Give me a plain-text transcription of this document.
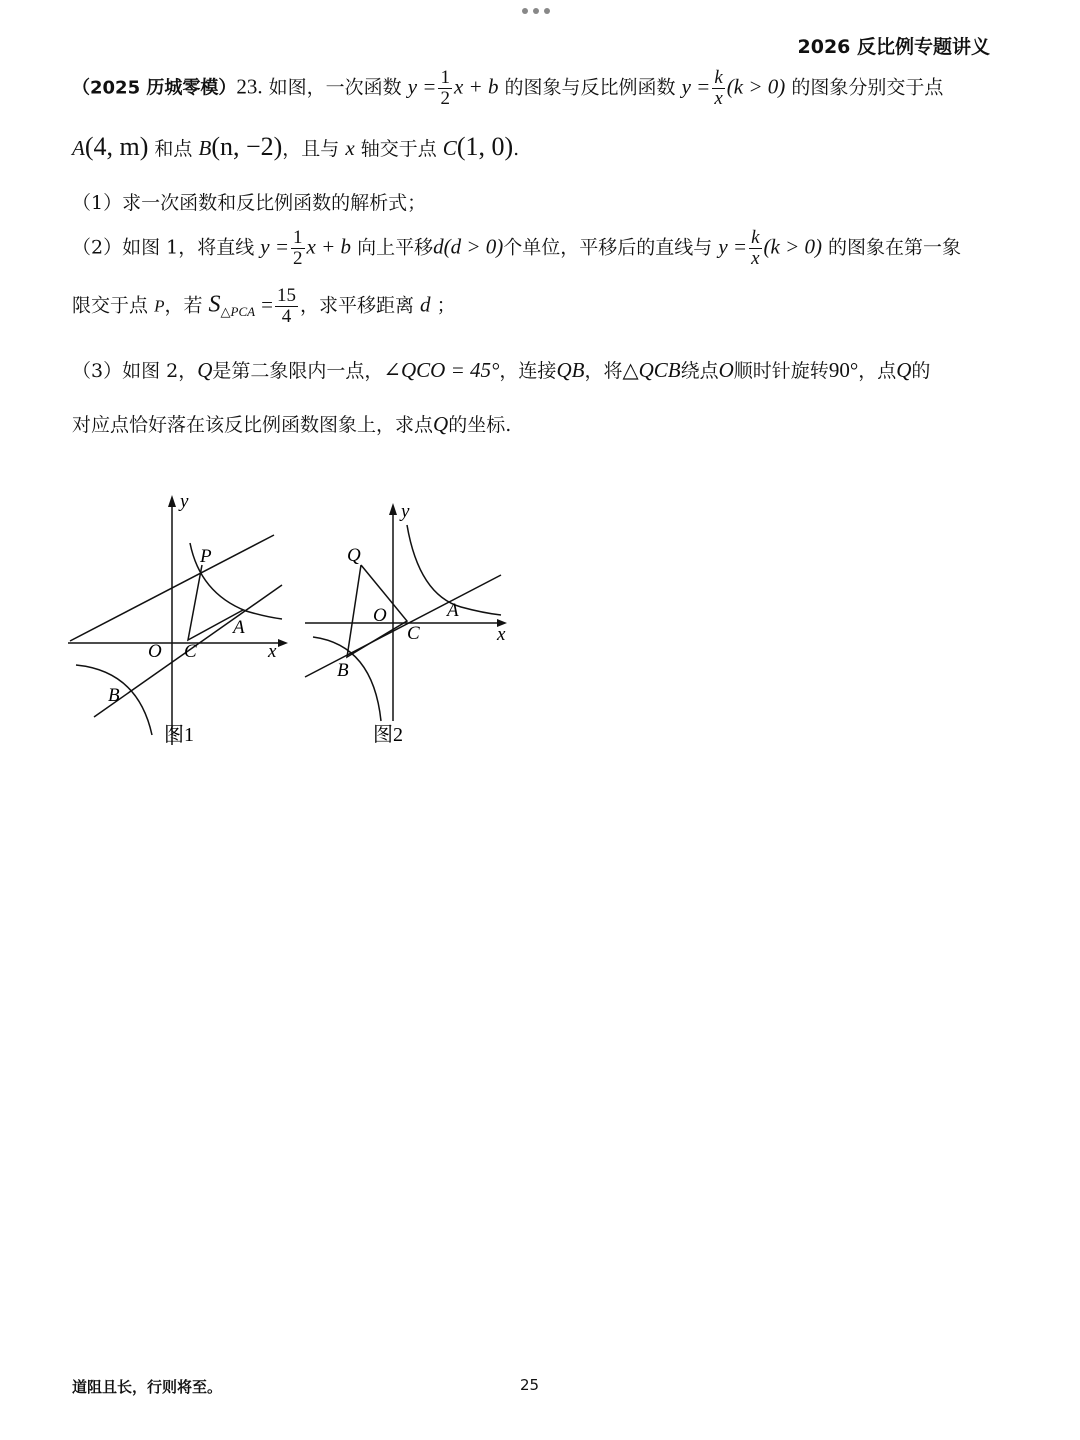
2026 反比例专题讲义
（2025 历城零模）23. 如图，一次函数 $y = \frac{1}{2}$ x + b 的图象与反比例函数 $y = \frac{k}{x} (k > 0)$ 的图象分别交于点
A(4, m) 和点 B(n, −2)，且与 x 轴交于点 C(1, 0).
（1）求一次函数和反比例函数的解析式；
（2）如图 1，将直线 $y = \frac{1}{2}$ x + b 向上平移d(d > 0)个单位，平移后的直线与 $y = \frac{k}{x} (k > 0)$ 的图象在第一象
限交于点 P，若 $S_{\triangle PCA} = \frac{15}{4}$ ，求平移距离 d ；
（3）如图 2，Q是第二象限内一点，∠QCO = 45°，连接QB，将△QCB绕点O顺时针旋转90°，点Q的
对应点恰好落在该反比例函数图象上，求点Q的坐标.
y
x
O C
P
A
B
图1
y
x
O
C
Q
A
B
图2
道阻且长，行则将至。	25
